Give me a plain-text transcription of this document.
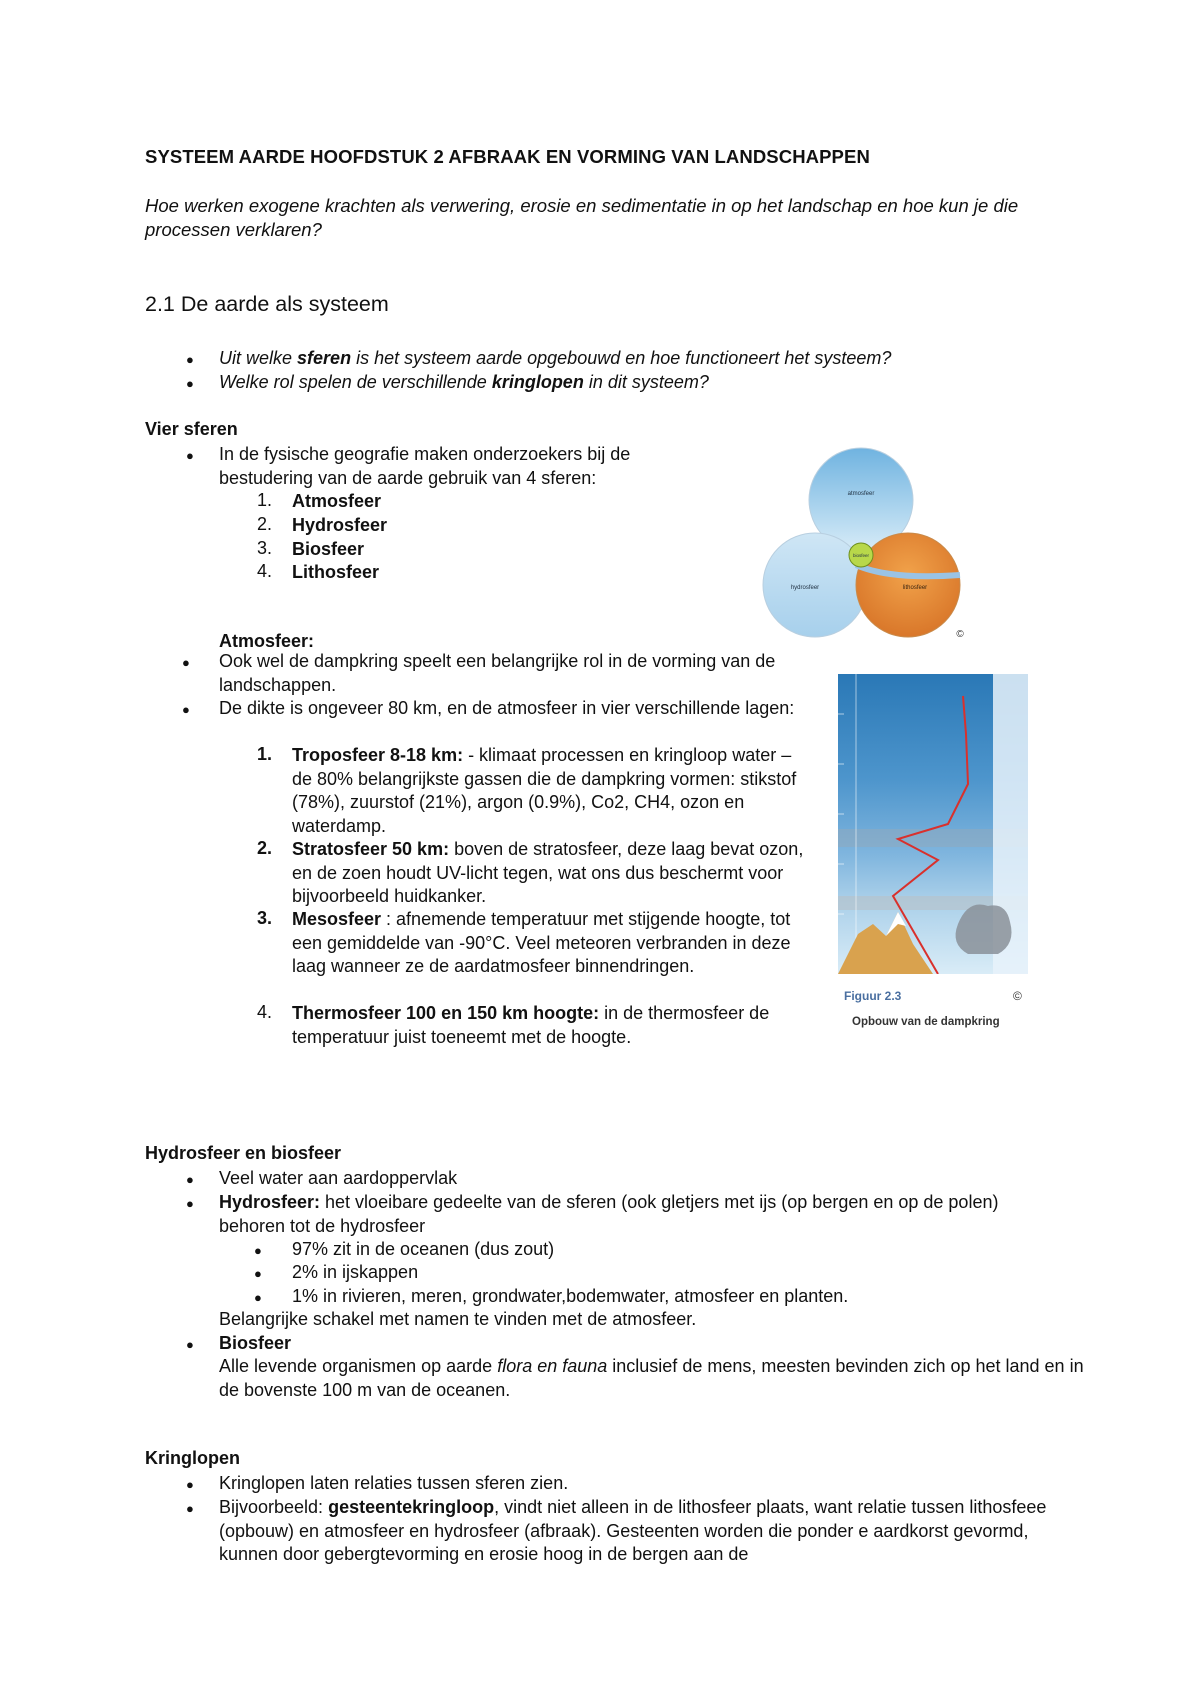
SYSTEEM AARDE HOOFDSTUK 2 AFBRAAK EN VORMING VAN LANDSCHAPPEN
Hoe werken exogene krachten als verwering, erosie en sedimentatie in op het landschap en hoe kun je die processen verklaren?
2.1 De aarde als systeem
● Uit welke sferen is het systeem aarde opgebouwd en hoe functioneert het systeem?
● Welke rol spelen de verschillende kringlopen in dit systeem?
Vier sferen
● In de fysische geografie maken onderzoekers bij de bestudering van de aarde gebruik van 4 sferen:
1. Atmosfeer
2. Hydrosfeer
3. Biosfeer
4. Lithosfeer
atmosfeer
hydrosfeer	lithosfeer
biosfeer
©
Atmosfeer:
● Ook wel de dampkring speelt een belangrijke rol in de vorming van de landschappen.
● De dikte is ongeveer 80 km, en de atmosfeer in vier verschillende lagen:
1. Troposfeer 8-18 km: - klimaat processen en kringloop water – de 80% belangrijkste gassen die de dampkring vormen: stikstof (78%), zuurstof (21%), argon (0.9%), Co2, CH4, ozon en waterdamp.
2. Stratosfeer 50 km: boven de stratosfeer, deze laag bevat ozon, en de zoen houdt UV-licht tegen, wat ons dus beschermt voor bijvoorbeeld huidkanker.
3. Mesosfeer : afnemende temperatuur met stijgende hoogte, tot een gemiddelde van -90°C. Veel meteoren verbranden in deze laag wanneer ze de aardatmosfeer binnendringen.
4. Thermosfeer 100 en 150 km hoogte: in de thermosfeer de temperatuur juist toeneemt met de hoogte.
Figuur 2.3	©
Opbouw van de dampkring
Hydrosfeer en biosfeer
● Veel water aan aardoppervlak
● Hydrosfeer: het vloeibare gedeelte van de sferen (ook gletjers met ijs (op bergen en op de polen) behoren tot de hydrosfeer
● 97% zit in de oceanen (dus zout)
● 2% in ijskappen
● 1% in rivieren, meren, grondwater,bodemwater, atmosfeer en planten.
Belangrijke schakel met namen te vinden met de atmosfeer.
● Biosfeer
Alle levende organismen op aarde flora en fauna inclusief de mens, meesten bevinden zich op het land en in de bovenste 100 m van de oceanen.
Kringlopen
● Kringlopen laten relaties tussen sferen zien.
● Bijvoorbeeld: gesteentekringloop, vindt niet alleen in de lithosfeer plaats, want relatie tussen lithosfeee (opbouw) en atmosfeer en hydrosfeer (afbraak). Gesteenten worden die ponder e aardkorst gevormd, kunnen door gebergtevorming en erosie hoog in de bergen aan de
